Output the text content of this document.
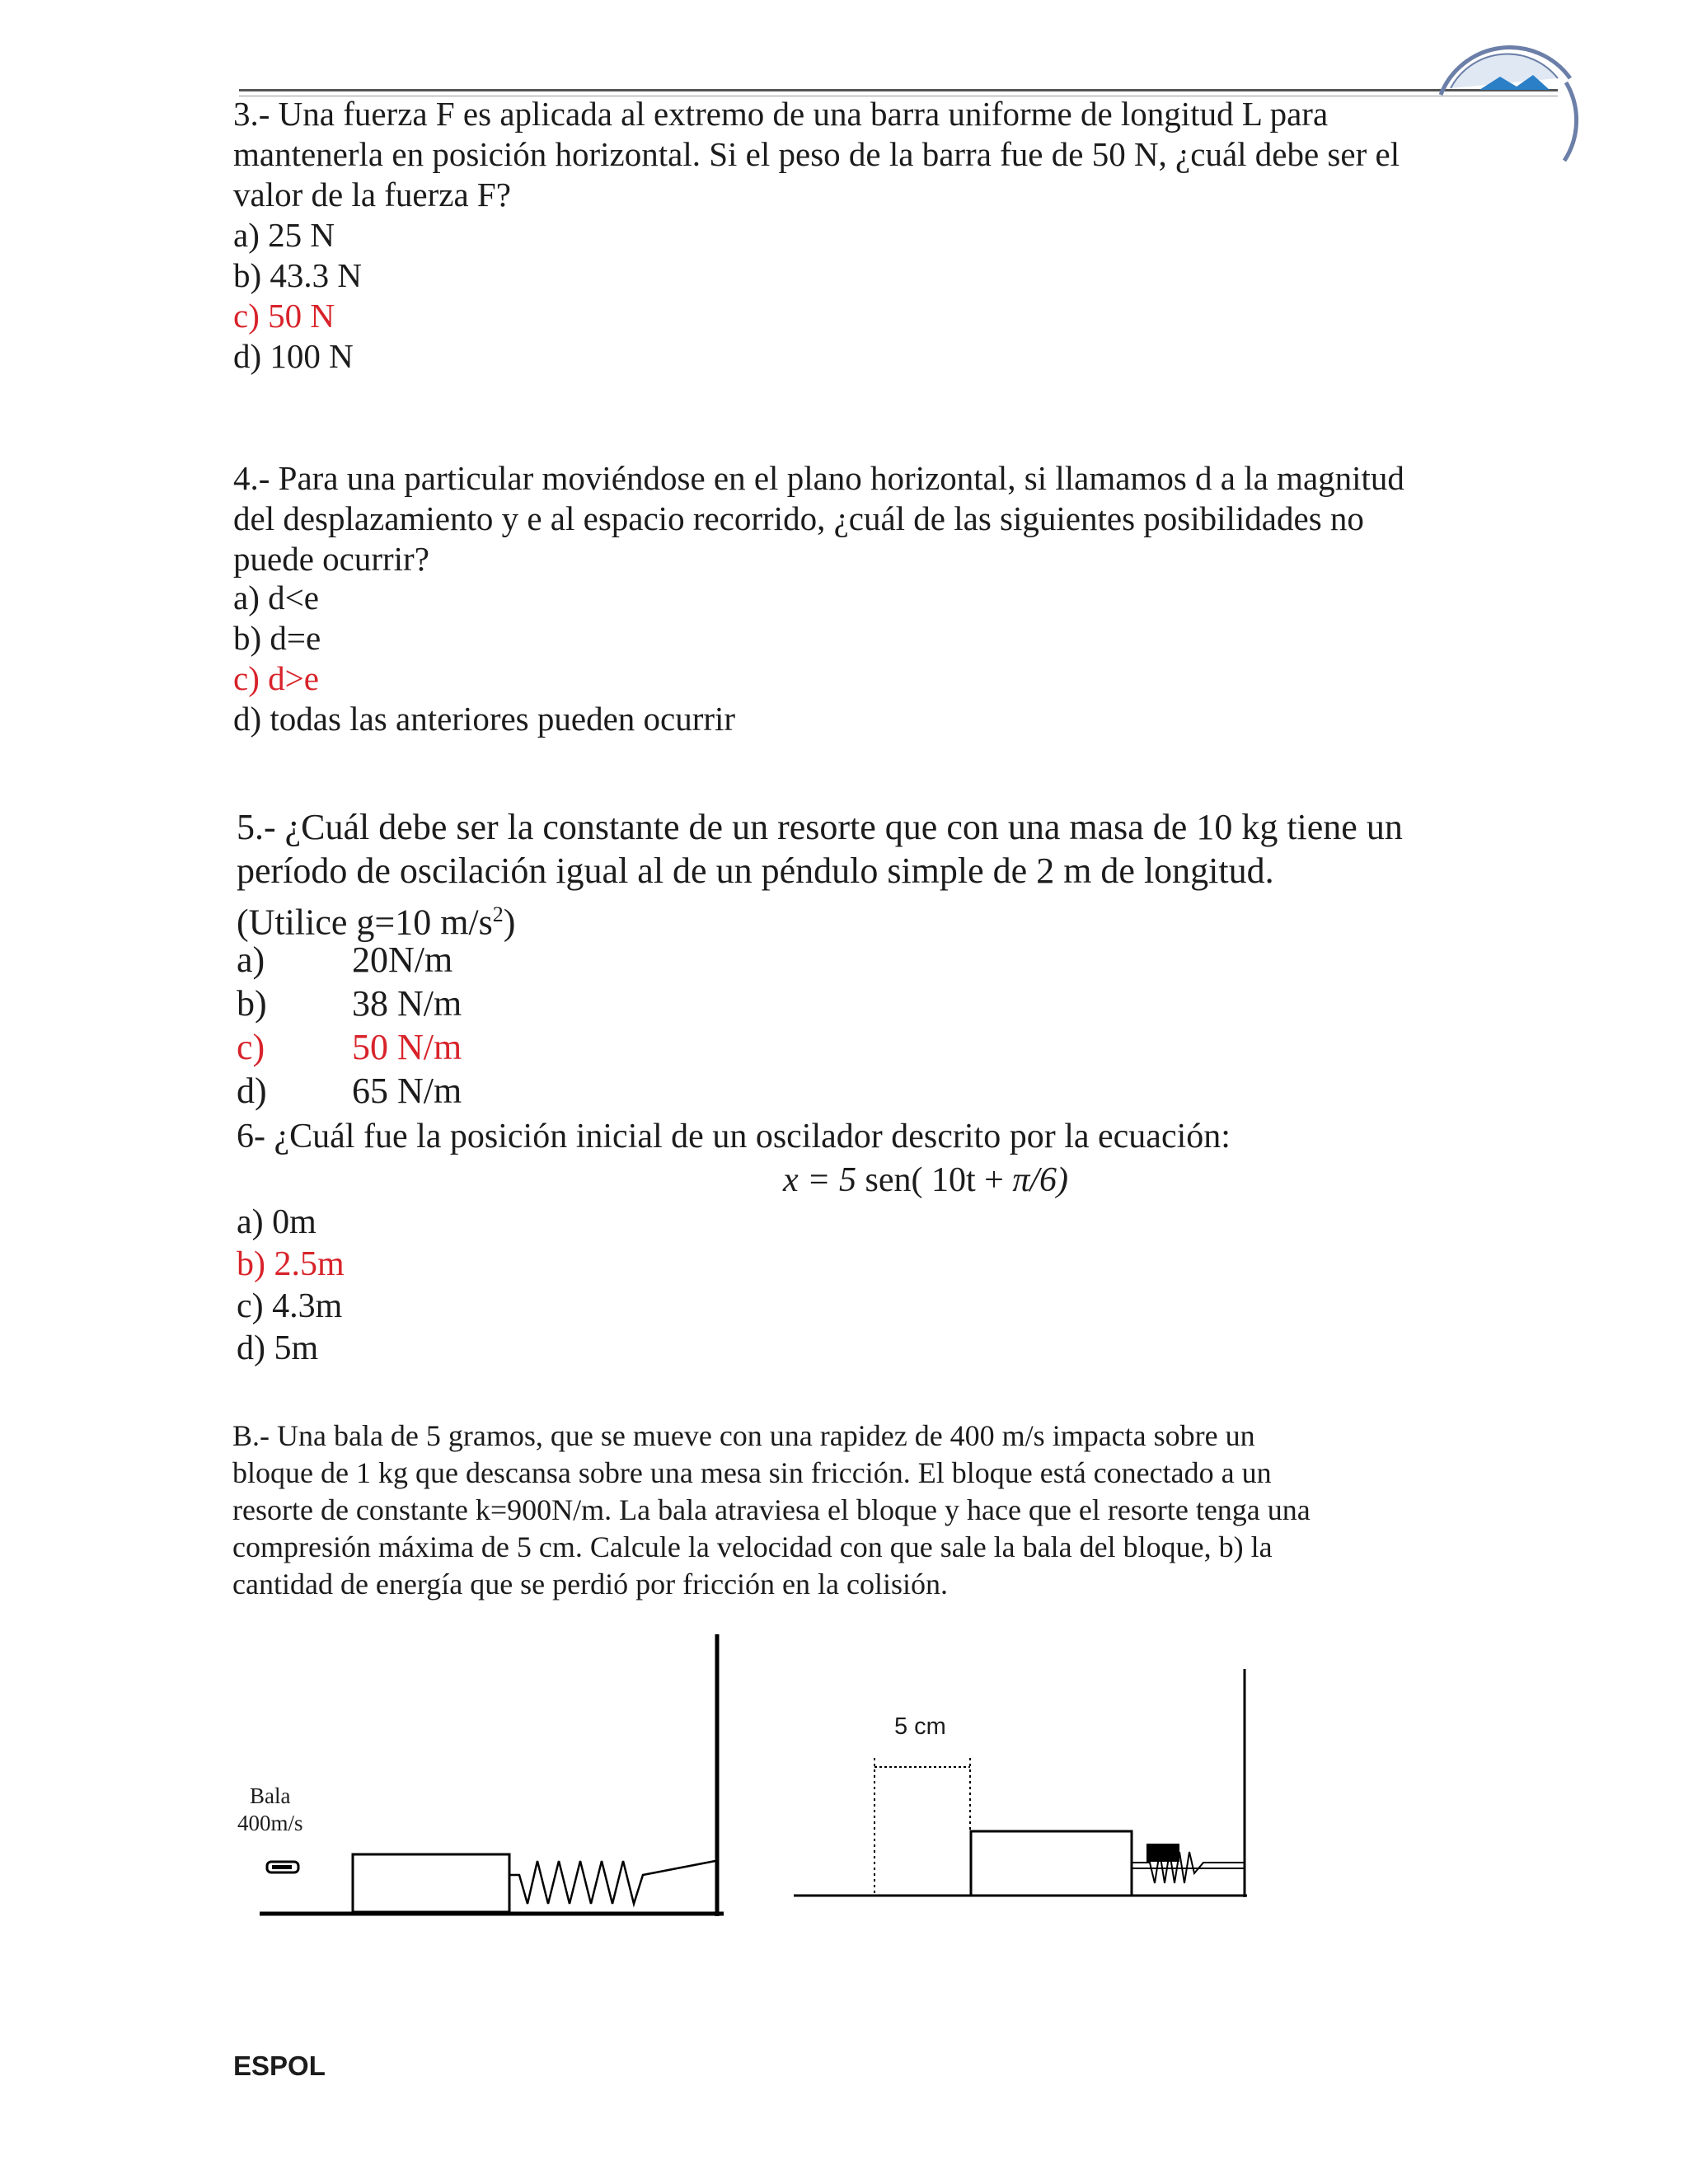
3.- Una fuerza F es aplicada al extremo de una barra uniforme de longitud L para
mantenerla en posición horizontal. Si el peso de la barra fue de 50 N, ¿cuál debe ser el
valor de la fuerza F?
a) 25 N
b) 43.3 N
c) 50 N
d) 100 N
4.- Para una particular moviéndose en el plano horizontal, si llamamos d a la magnitud
del desplazamiento y e al espacio recorrido, ¿cuál de las siguientes posibilidades no
puede ocurrir?
a) d<e
b) d=e
c) d>e
d) todas las anteriores pueden ocurrir
5.- ¿Cuál debe ser la constante de un resorte que con una masa de 10 kg tiene un
período de oscilación igual al de un péndulo simple de 2 m de longitud.
(Utilice g=10 $m/s^2$)
a) 20N/m
b) 38 N/m
c) 50 N/m
d) 65 N/m
6- ¿Cuál fue la posición inicial de un oscilador descrito por la ecuación:
x = 5 sen( 10t + π/6)
a) 0m
b) 2.5m
c) 4.3m
d) 5m
B.- Una bala de 5 gramos, que se mueve con una rapidez de 400 m/s impacta sobre un
bloque de 1 kg que descansa sobre una mesa sin fricción. El bloque está conectado a un
resorte de constante k=900N/m. La bala atraviesa el bloque y hace que el resorte tenga una
compresión máxima de 5 cm. Calcule la velocidad con que sale la bala del bloque, b) la
cantidad de energía que se perdió por fricción en la colisión.
Bala
400m/s
5 cm
ESPOL
